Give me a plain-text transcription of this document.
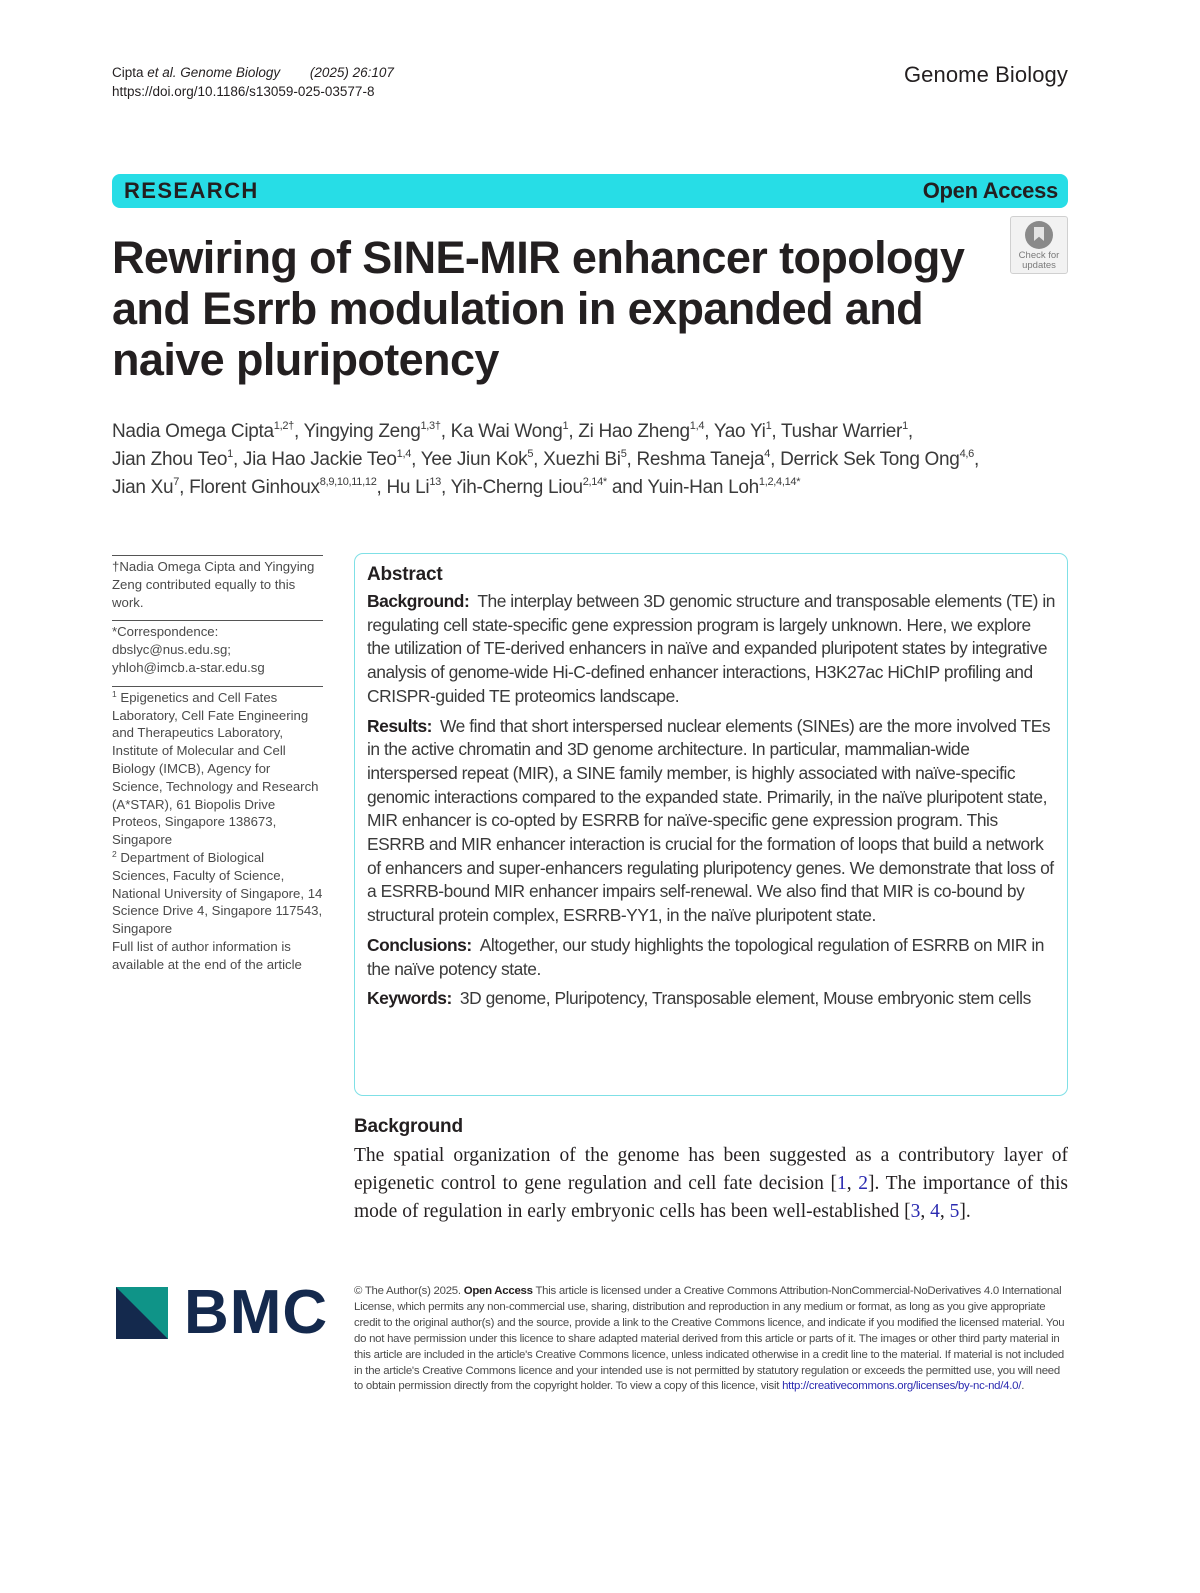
Cipta et al. Genome Biology (2025) 26:107
https://doi.org/10.1186/s13059-025-03577-8
Genome Biology
RESEARCH	Open Access
Check for
updates
Rewiring of SINE-MIR enhancer topology and Esrrb modulation in expanded and naive pluripotency
Nadia Omega Cipta$^{1,2\dagger}$, Yingying Zeng$^{1,3\dagger}$, Ka Wai Wong$^1$, Zi Hao Zheng$^{1,4}$, Yao Yi$^1$, Tushar Warrier$^1$,
Jian Zhou Teo$^1$, Jia Hao Jackie Teo$^{1,4}$, Yee Jiun Kok$^5$, Xuezhi Bi$^5$, Reshma Taneja$^4$, Derrick Sek Tong Ong$^{4,6}$,
Jian Xu$^7$, Florent Ginhoux$^{8,9,10,11,12}$, Hu Li$^{13}$, Yih-Cherng Liou$^{2,14*}$ and Yuin-Han Loh$^{1,2,4,14*}$
†Nadia Omega Cipta and Yingying Zeng contributed equally to this work.
*Correspondence:
dbslyc@nus.edu.sg;
yhloh@imcb.a-star.edu.sg
$^1$ Epigenetics and Cell Fates Laboratory, Cell Fate Engineering and Therapeutics Laboratory, Institute of Molecular and Cell Biology (IMCB), Agency for Science, Technology and Research (A*STAR), 61 Biopolis Drive Proteos, Singapore 138673, Singapore
$^2$ Department of Biological Sciences, Faculty of Science, National University of Singapore, 14 Science Drive 4, Singapore 117543, Singapore
Full list of author information is available at the end of the article
Abstract

Background: The interplay between 3D genomic structure and transposable elements (TE) in regulating cell state-specific gene expression program is largely unknown. Here, we explore the utilization of TE-derived enhancers in naïve and expanded pluripotent states by integrative analysis of genome-wide Hi-C-defined enhancer interactions, H3K27ac HiChIP profiling and CRISPR-guided TE proteomics landscape.

Results: We find that short interspersed nuclear elements (SINEs) are the more involved TEs in the active chromatin and 3D genome architecture. In particular, mammalian-wide interspersed repeat (MIR), a SINE family member, is highly associated with naïve-specific genomic interactions compared to the expanded state. Primarily, in the naïve pluripotent state, MIR enhancer is co-opted by ESRRB for naïve-specific gene expression program. This ESRRB and MIR enhancer interaction is crucial for the formation of loops that build a network of enhancers and super-enhancers regulating pluripotency genes. We demonstrate that loss of a ESRRB-bound MIR enhancer impairs self-renewal. We also find that MIR is co-bound by structural protein complex, ESRRB-YY1, in the naïve pluripotent state.

Conclusions: Altogether, our study highlights the topological regulation of ESRRB on MIR in the naïve potency state.

Keywords: 3D genome, Pluripotency, Transposable element, Mouse embryonic stem cells

Background

The spatial organization of the genome has been suggested as a contributory layer of epigenetic control to gene regulation and cell fate decision [1, 2]. The importance of this mode of regulation in early embryonic cells has been well-established [3, 4, 5].

BMC © The Author(s) 2025. Open Access This article is licensed under a Creative Commons Attribution-NonCommercial-NoDerivatives 4.0 International License, which permits any non-commercial use, sharing, distribution and reproduction in any medium or format, as long as you give appropriate credit to the original author(s) and the source, provide a link to the Creative Commons licence, and indicate if you modified the licensed material. You do not have permission under this licence to share adapted material derived from this article or parts of it. The images or other third party material in this article are included in the article's Creative Commons licence, unless indicated otherwise in a credit line to the material. If material is not included in the article's Creative Commons licence and your intended use is not permitted by statutory regulation or exceeds the permitted use, you will need to obtain permission directly from the copyright holder. To view a copy of this licence, visit http://creativecommons.org/licenses/by-nc-nd/4.0/.
